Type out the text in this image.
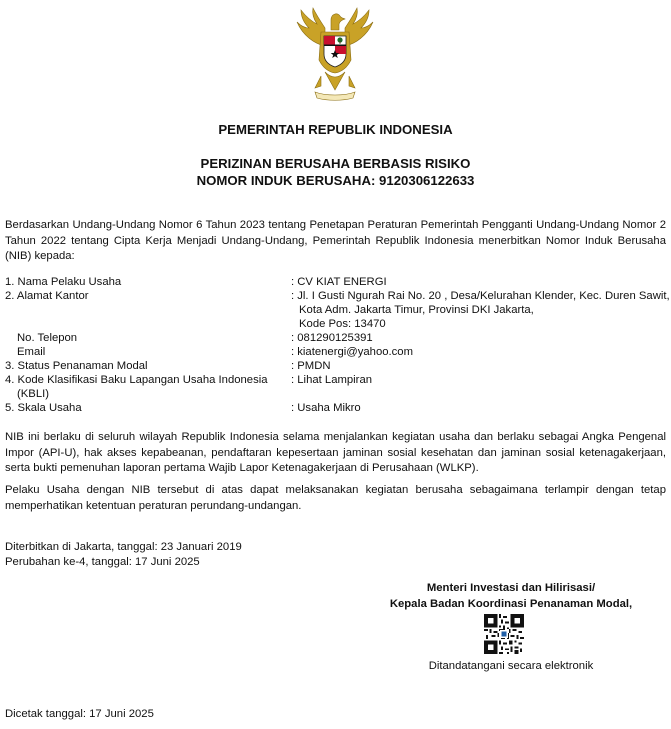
PEMERINTAH REPUBLIK INDONESIA
PERIZINAN BERUSAHA BERBASIS RISIKO
NOMOR INDUK BERUSAHA: 9120306122633

Berdasarkan Undang-Undang Nomor 6 Tahun 2023 tentang Penetapan Peraturan Pemerintah Pengganti Undang-Undang Nomor 2 Tahun 2022 tentang Cipta Kerja Menjadi Undang-Undang, Pemerintah Republik Indonesia menerbitkan Nomor Induk Berusaha (NIB) kepada:

1. Nama Pelaku Usaha	: CV KIAT ENERGI
2. Alamat Kantor	: Jl. I Gusti Ngurah Rai No. 20 , Desa/Kelurahan Klender, Kec. Duren Sawit,
Kota Adm. Jakarta Timur, Provinsi DKI Jakarta,
Kode Pos: 13470
No. Telepon	: 081290125391
Email	: kiatenergi@yahoo.com
3. Status Penanaman Modal	: PMDN
4. Kode Klasifikasi Baku Lapangan Usaha Indonesia	: Lihat Lampiran
(KBLI)
5. Skala Usaha	: Usaha Mikro

NIB ini berlaku di seluruh wilayah Republik Indonesia selama menjalankan kegiatan usaha dan berlaku sebagai Angka Pengenal Impor (API-U), hak akses kepabeanan, pendaftaran kepesertaan jaminan sosial kesehatan dan jaminan sosial ketenagakerjaan, serta bukti pemenuhan laporan pertama Wajib Lapor Ketenagakerjaan di Perusahaan (WLKP).

Pelaku Usaha dengan NIB tersebut di atas dapat melaksanakan kegiatan berusaha sebagaimana terlampir dengan tetap memperhatikan ketentuan peraturan perundang-undangan.

Diterbitkan di Jakarta, tanggal: 23 Januari 2019
Perubahan ke-4, tanggal: 17 Juni 2025
Menteri Investasi dan Hilirisasi/
Kepala Badan Koordinasi Penanaman Modal,
Ditandatangani secara elektronik
Dicetak tanggal: 17 Juni 2025
